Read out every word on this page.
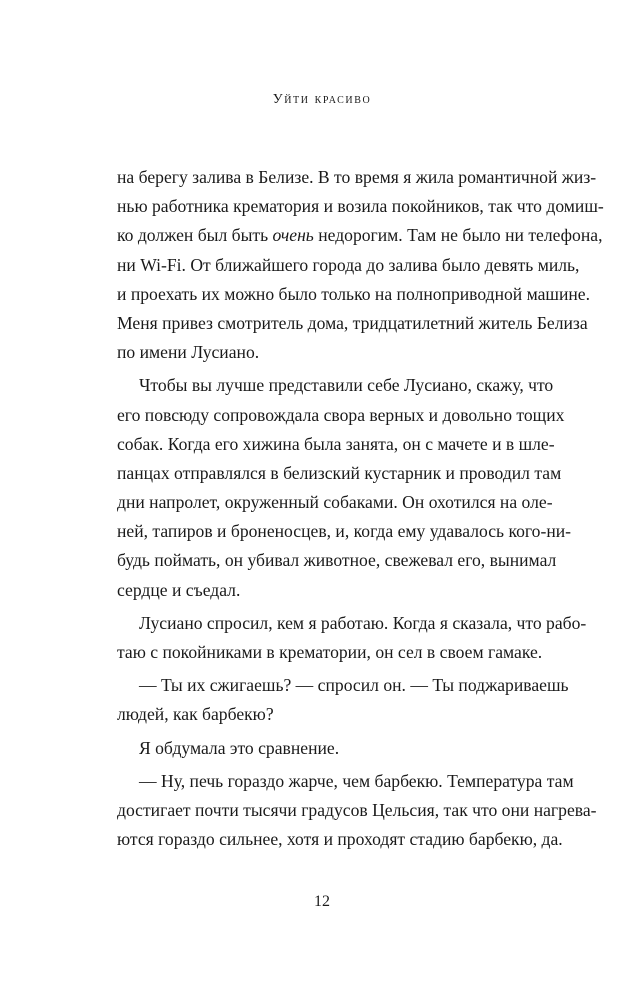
Уйти красиво
на берегу залива в Белизе. В то время я жила романтичной жиз-
нью работника крематория и возила покойников, так что домиш-
ко должен был быть очень недорогим. Там не было ни телефона,
ни Wi-Fi. От ближайшего города до залива было девять миль,
и проехать их можно было только на полноприводной машине.
Меня привез смотритель дома, тридцатилетний житель Белиза
по имени Лусиано.
Чтобы вы лучше представили себе Лусиано, скажу, что
его повсюду сопровождала свора верных и довольно тощих
собак. Когда его хижина была занята, он с мачете и в шле-
панцах отправлялся в белизский кустарник и проводил там
дни напролет, окруженный собаками. Он охотился на оле-
ней, тапиров и броненосцев, и, когда ему удавалось кого-ни-
будь поймать, он убивал животное, свежевал его, вынимал
сердце и съедал.
Лусиано спросил, кем я работаю. Когда я сказала, что рабо-
таю с покойниками в крематории, он сел в своем гамаке.
— Ты их сжигаешь? — спросил он. — Ты поджариваешь
людей, как барбекю?
Я обдумала это сравнение.
— Ну, печь гораздо жарче, чем барбекю. Температура там
достигает почти тысячи градусов Цельсия, так что они нагрева-
ются гораздо сильнее, хотя и проходят стадию барбекю, да.
12
